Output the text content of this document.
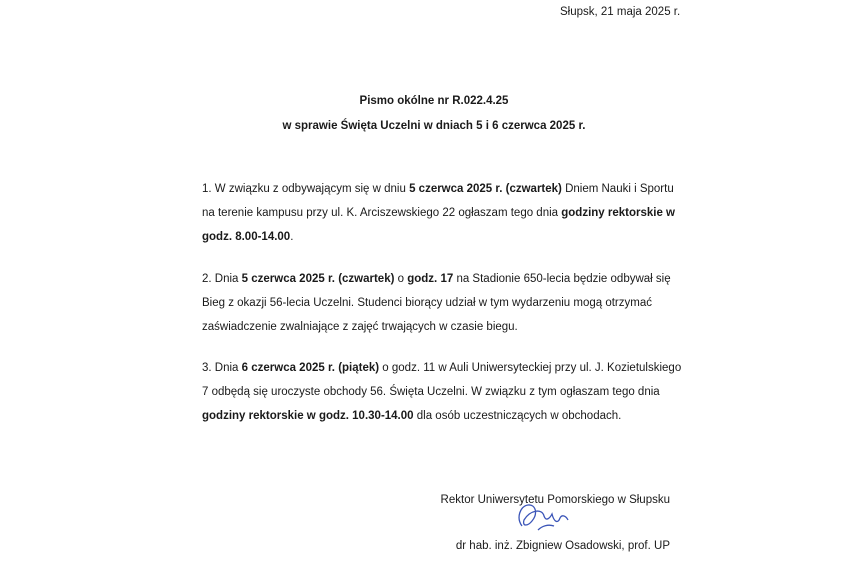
Słupsk, 21 maja 2025 r.
Pismo okólne nr R.022.4.25
w sprawie Święta Uczelni w dniach 5 i 6 czerwca 2025 r.
1. W związku z odbywającym się w dniu 5 czerwca 2025 r. (czwartek) Dniem Nauki i Sportu na terenie kampusu przy ul. K. Arciszewskiego 22 ogłaszam tego dnia godziny rektorskie w godz. 8.00-14.00.
2. Dnia 5 czerwca 2025 r. (czwartek) o godz. 17 na Stadionie 650-lecia będzie odbywał się Bieg z okazji 56-lecia Uczelni. Studenci biorący udział w tym wydarzeniu mogą otrzymać zaświadczenie zwalniające z zajęć trwających w czasie biegu.
3. Dnia 6 czerwca 2025 r. (piątek) o godz. 11 w Auli Uniwersyteckiej przy ul. J. Kozietulskiego 7 odbędą się uroczyste obchody 56. Święta Uczelni. W związku z tym ogłaszam tego dnia godziny rektorskie w godz. 10.30-14.00 dla osób uczestniczących w obchodach.
Rektor Uniwersytetu Pomorskiego w Słupsku
dr hab. inż. Zbigniew Osadowski, prof. UP
